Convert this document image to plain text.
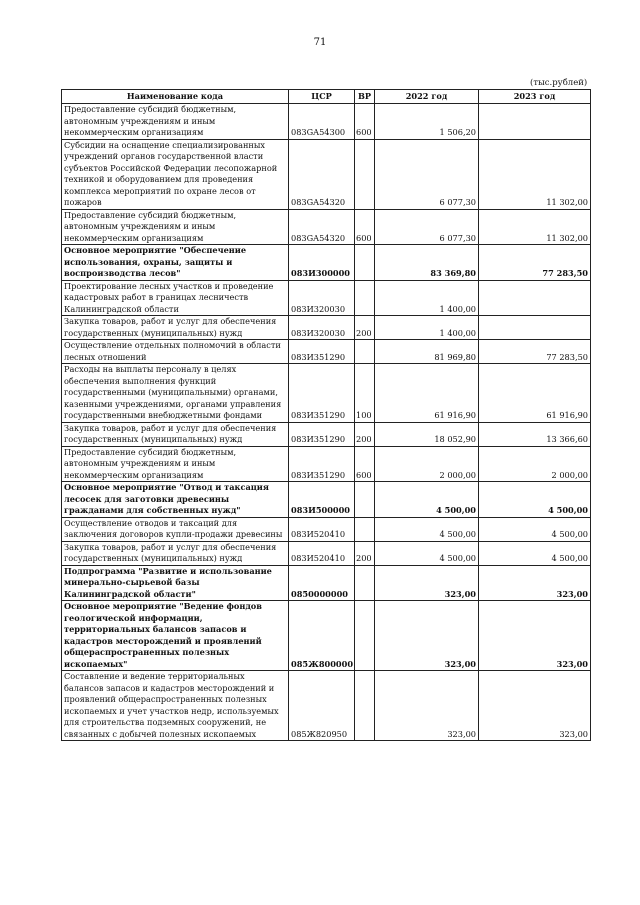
71
(тыс.рублей)
Наименование кода	ЦСР	ВР	2022 год	2023 год
Предоставление субсидий бюджетным, автономным учреждениям и иным некоммерческим организациям	083GA54300	600	1 506,20	
Субсидии на оснащение специализированных учреждений органов государственной власти субъектов Российской Федерации лесопожарной техникой и оборудованием для проведения комплекса мероприятий по охране лесов от пожаров	083GA54320		6 077,30	11 302,00
Предоставление субсидий бюджетным, автономным учреждениям и иным некоммерческим организациям	083GA54320	600	6 077,30	11 302,00
Основное мероприятие "Обеспечение использования, охраны, защиты и воспроизводства лесов"	083И300000		83 369,80	77 283,50
Проектирование лесных участков и проведение кадастровых работ в границах лесничеств Калининградской области	083И320030		1 400,00	
Закупка товаров, работ и услуг для обеспечения государственных (муниципальных) нужд	083И320030	200	1 400,00	
Осуществление отдельных полномочий в области лесных отношений	083И351290		81 969,80	77 283,50
Расходы на выплаты персоналу в целях обеспечения выполнения функций государственными (муниципальными) органами, казенными учреждениями, органами управления государственными внебюджетными фондами	083И351290	100	61 916,90	61 916,90
Закупка товаров, работ и услуг для обеспечения государственных (муниципальных) нужд	083И351290	200	18 052,90	13 366,60
Предоставление субсидий бюджетным, автономным учреждениям и иным некоммерческим организациям	083И351290	600	2 000,00	2 000,00
Основное мероприятие "Отвод и таксация лесосек для заготовки древесины гражданами для собственных нужд"	083И500000		4 500,00	4 500,00
Осуществление отводов и таксаций для заключения договоров купли-продажи древесины	083И520410		4 500,00	4 500,00
Закупка товаров, работ и услуг для обеспечения государственных (муниципальных) нужд	083И520410	200	4 500,00	4 500,00
Подпрограмма "Развитие и использование минерально-сырьевой базы Калининградской области"	0850000000		323,00	323,00
Основное мероприятие "Ведение фондов геологической информации, территориальных балансов запасов и кадастров месторождений и проявлений общераспространенных полезных ископаемых"	085Ж800000		323,00	323,00
Составление и ведение территориальных балансов запасов и кадастров месторождений и проявлений общераспространенных полезных ископаемых и учет участков недр, используемых для строительства подземных сооружений, не связанных с добычей полезных ископаемых	085Ж820950		323,00	323,00
